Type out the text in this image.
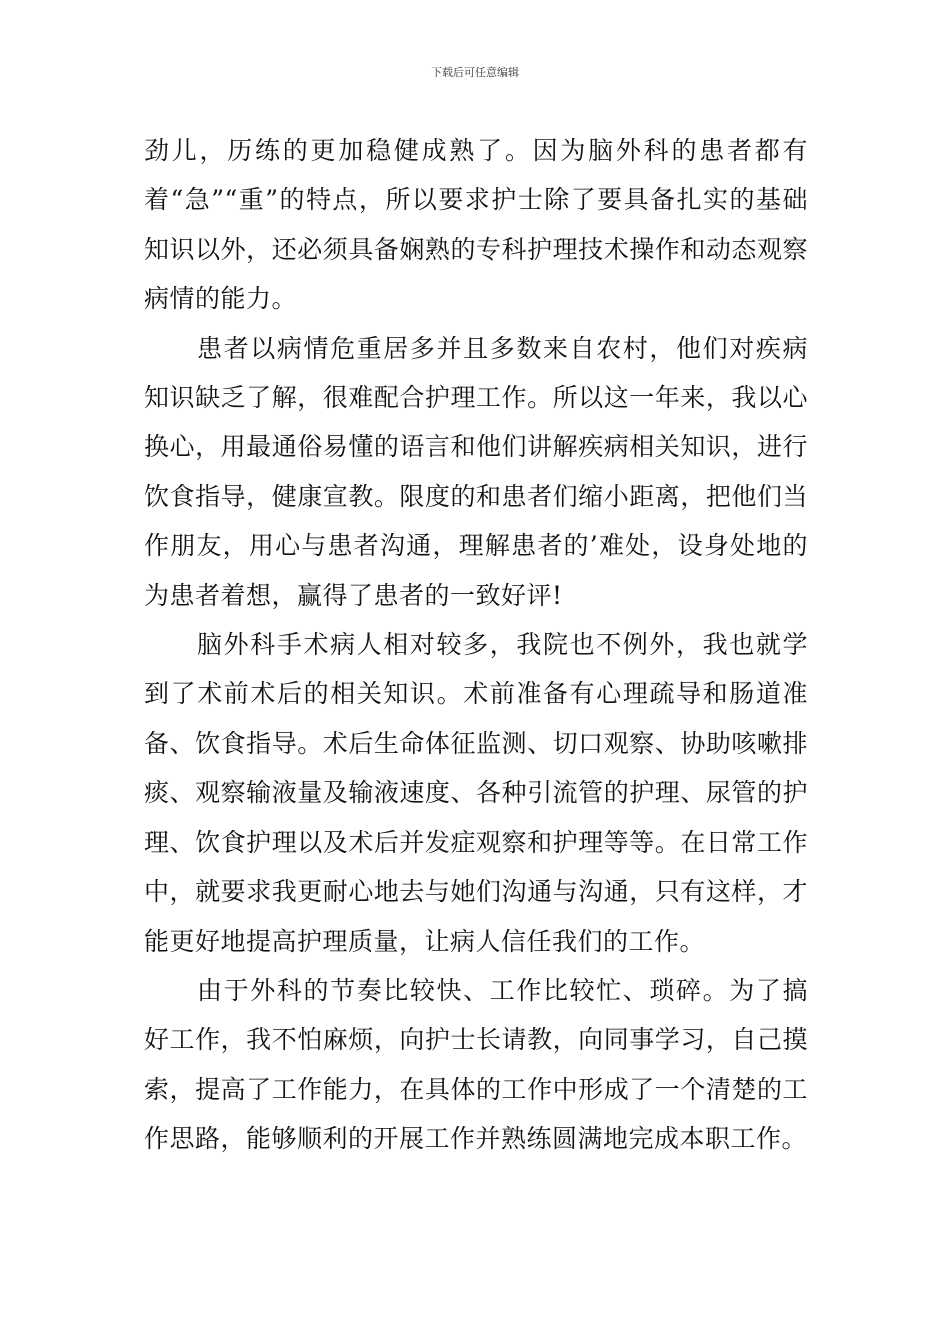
下载后可任意编辑

劲儿，历练的更加稳健成熟了。因为脑外科的患者都有着“急”“重”的特点，所以要求护士除了要具备扎实的基础知识以外，还必须具备娴熟的专科护理技术操作和动态观察病情的能力。

患者以病情危重居多并且多数来自农村，他们对疾病知识缺乏了解，很难配合护理工作。所以这一年来，我以心换心，用最通俗易懂的语言和他们讲解疾病相关知识，进行饮食指导，健康宣教。限度的和患者们缩小距离，把他们当作朋友，用心与患者沟通，理解患者的’难处，设身处地的为患者着想，赢得了患者的一致好评!

脑外科手术病人相对较多，我院也不例外，我也就学到了术前术后的相关知识。术前准备有心理疏导和肠道准备、饮食指导。术后生命体征监测、切口观察、协助咳嗽排痰、观察输液量及输液速度、各种引流管的护理、尿管的护理、饮食护理以及术后并发症观察和护理等等。在日常工作中，就要求我更耐心地去与她们沟通与沟通，只有这样，才能更好地提高护理质量，让病人信任我们的工作。

由于外科的节奏比较快、工作比较忙、琐碎。为了搞好工作，我不怕麻烦，向护士长请教，向同事学习，自己摸索，提高了工作能力，在具体的工作中形成了一个清楚的工作思路，能够顺利的开展工作并熟练圆满地完成本职工作。
